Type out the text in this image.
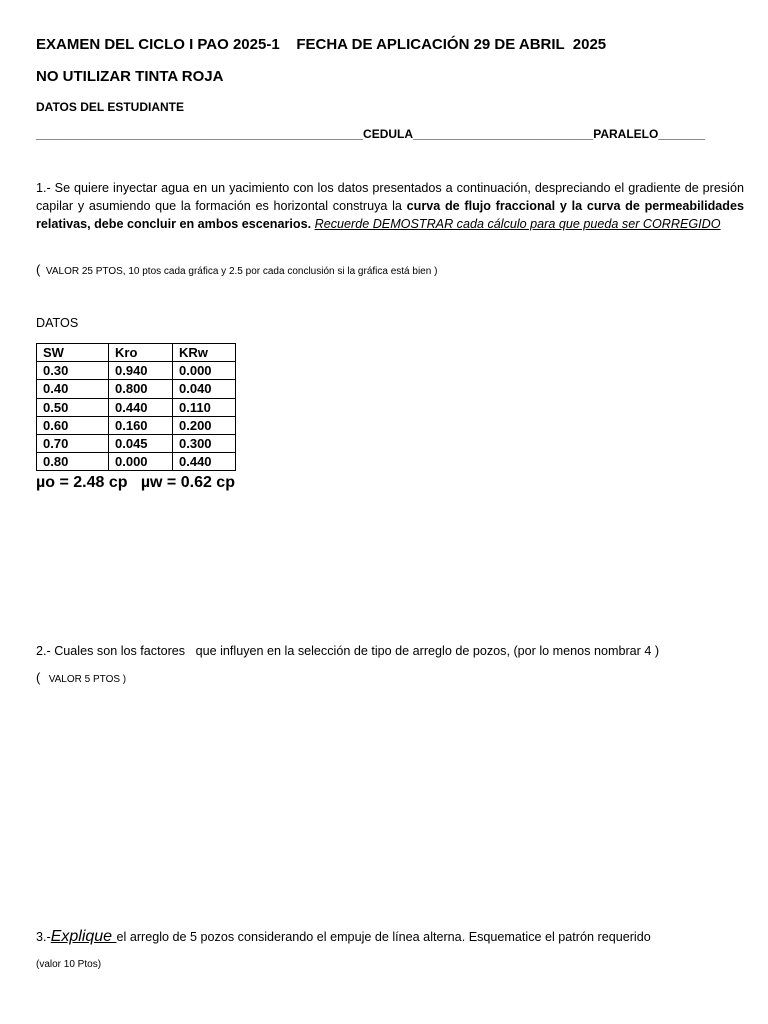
EXAMEN DEL CICLO I PAO 2025-1    FECHA DE APLICACIÓN 29 DE ABRIL  2025
NO UTILIZAR TINTA ROJA
DATOS DEL ESTUDIANTE
_________________________________________________CEDULA___________________________PARALELO_______
1.- Se quiere inyectar agua en un yacimiento con los datos presentados a continuación, despreciando el gradiente de presión capilar y asumiendo que la formación es horizontal construya la curva de flujo fraccional y la curva de permeabilidades relativas, debe concluir en ambos escenarios. Recuerde DEMOSTRAR cada cálculo para que pueda ser CORREGIDO
( VALOR 25 PTOS, 10 ptos cada gráfica y 2.5 por cada conclusión si la gráfica está bien )
DATOS
SW	Kro	KRw
0.30	0.940	0.000
0.40	0.800	0.040
0.50	0.440	0.110
0.60	0.160	0.200
0.70	0.045	0.300
0.80	0.000	0.440
µo = 2.48 cp   µw = 0.62 cp
2.- Cuales son los factores   que influyen en la selección de tipo de arreglo de pozos, (por lo menos nombrar 4 )
( VALOR 5 PTOS )
3.-Explique el arreglo de 5 pozos considerando el empuje de línea alterna. Esquematice el patrón requerido
(valor 10 Ptos)
